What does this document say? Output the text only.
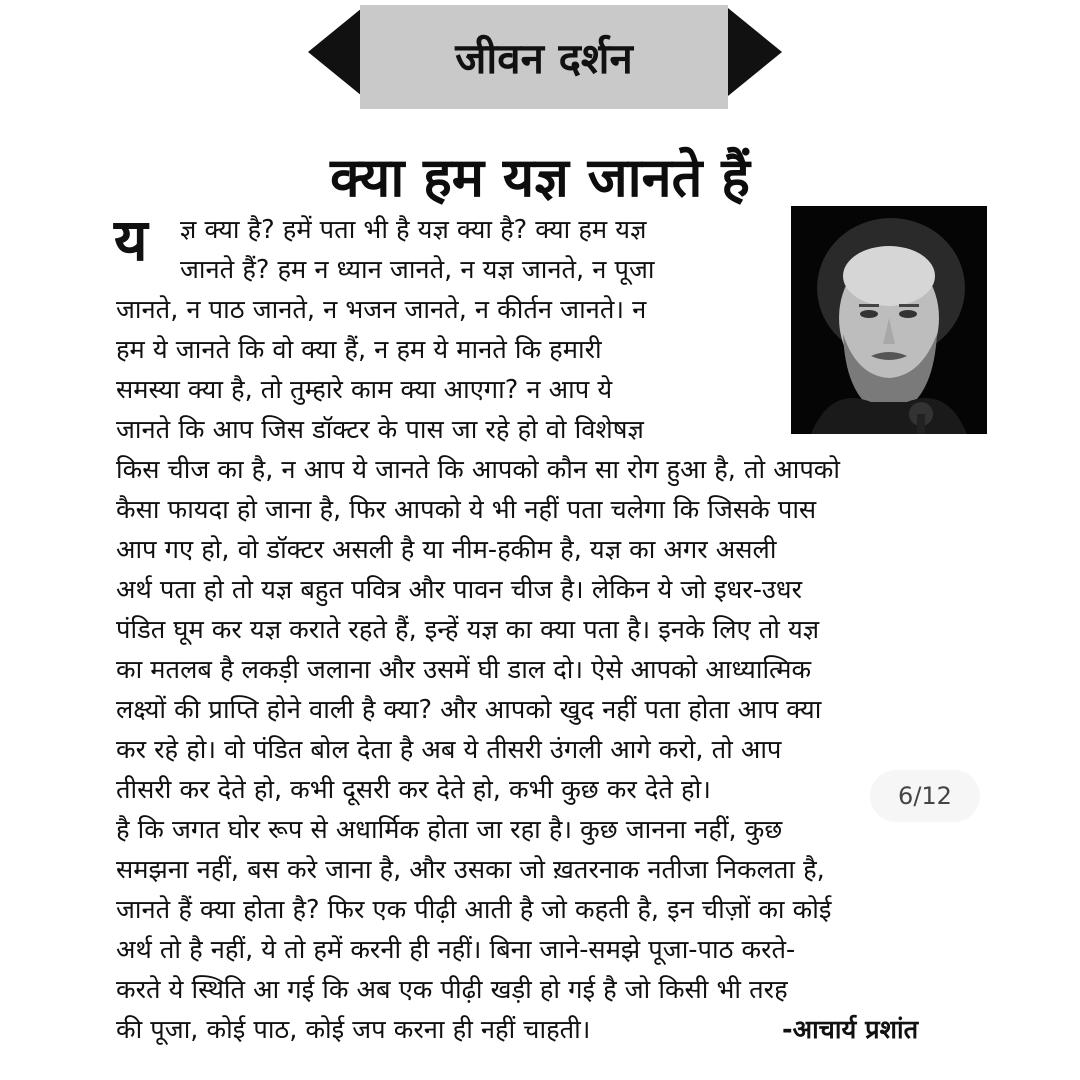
जीवन दर्शन
क्या हम यज्ञ जानते हैं
य	ज्ञ क्या है? हमें पता भी है यज्ञ क्या है? क्या हम यज्ञ
जानते हैं? हम न ध्यान जानते, न यज्ञ जानते, न पूजा
जानते, न पाठ जानते, न भजन जानते, न कीर्तन जानते। न
हम ये जानते कि वो क्या हैं, न हम ये मानते कि हमारी
समस्या क्या है, तो तुम्हारे काम क्या आएगा? न आप ये
जानते कि आप जिस डॉक्टर के पास जा रहे हो वो विशेषज्ञ
किस चीज का है, न आप ये जानते कि आपको कौन सा रोग हुआ है, तो आपको
कैसा फायदा हो जाना है, फिर आपको ये भी नहीं पता चलेगा कि जिसके पास
आप गए हो, वो डॉक्टर असली है या नीम-हकीम है, यज्ञ का अगर असली
अर्थ पता हो तो यज्ञ बहुत पवित्र और पावन चीज है। लेकिन ये जो इधर-उधर
पंडित घूम कर यज्ञ कराते रहते हैं, इन्हें यज्ञ का क्या पता है। इनके लिए तो यज्ञ
का मतलब है लकड़ी जलाना और उसमें घी डाल दो। ऐसे आपको आध्यात्मिक
लक्ष्यों की प्राप्ति होने वाली है क्या? और आपको खुद नहीं पता होता आप क्या
कर रहे हो। वो पंडित बोल देता है अब ये तीसरी उंगली आगे करो, तो आप
तीसरी कर देते हो, कभी दूसरी कर देते हो, कभी कुछ कर देते हो।
है कि जगत घोर रूप से अधार्मिक होता जा रहा है। कुछ जानना नहीं, कुछ
समझना नहीं, बस करे जाना है, और उसका जो ख़तरनाक नतीजा निकलता है,
जानते हैं क्या होता है? फिर एक पीढ़ी आती है जो कहती है, इन चीज़ों का कोई
अर्थ तो है नहीं, ये तो हमें करनी ही नहीं। बिना जाने-समझे पूजा-पाठ करते-
करते ये स्थिति आ गई कि अब एक पीढ़ी खड़ी हो गई है जो किसी भी तरह
की पूजा, कोई पाठ, कोई जप करना ही नहीं चाहती।	-आचार्य प्रशांत
6/12
